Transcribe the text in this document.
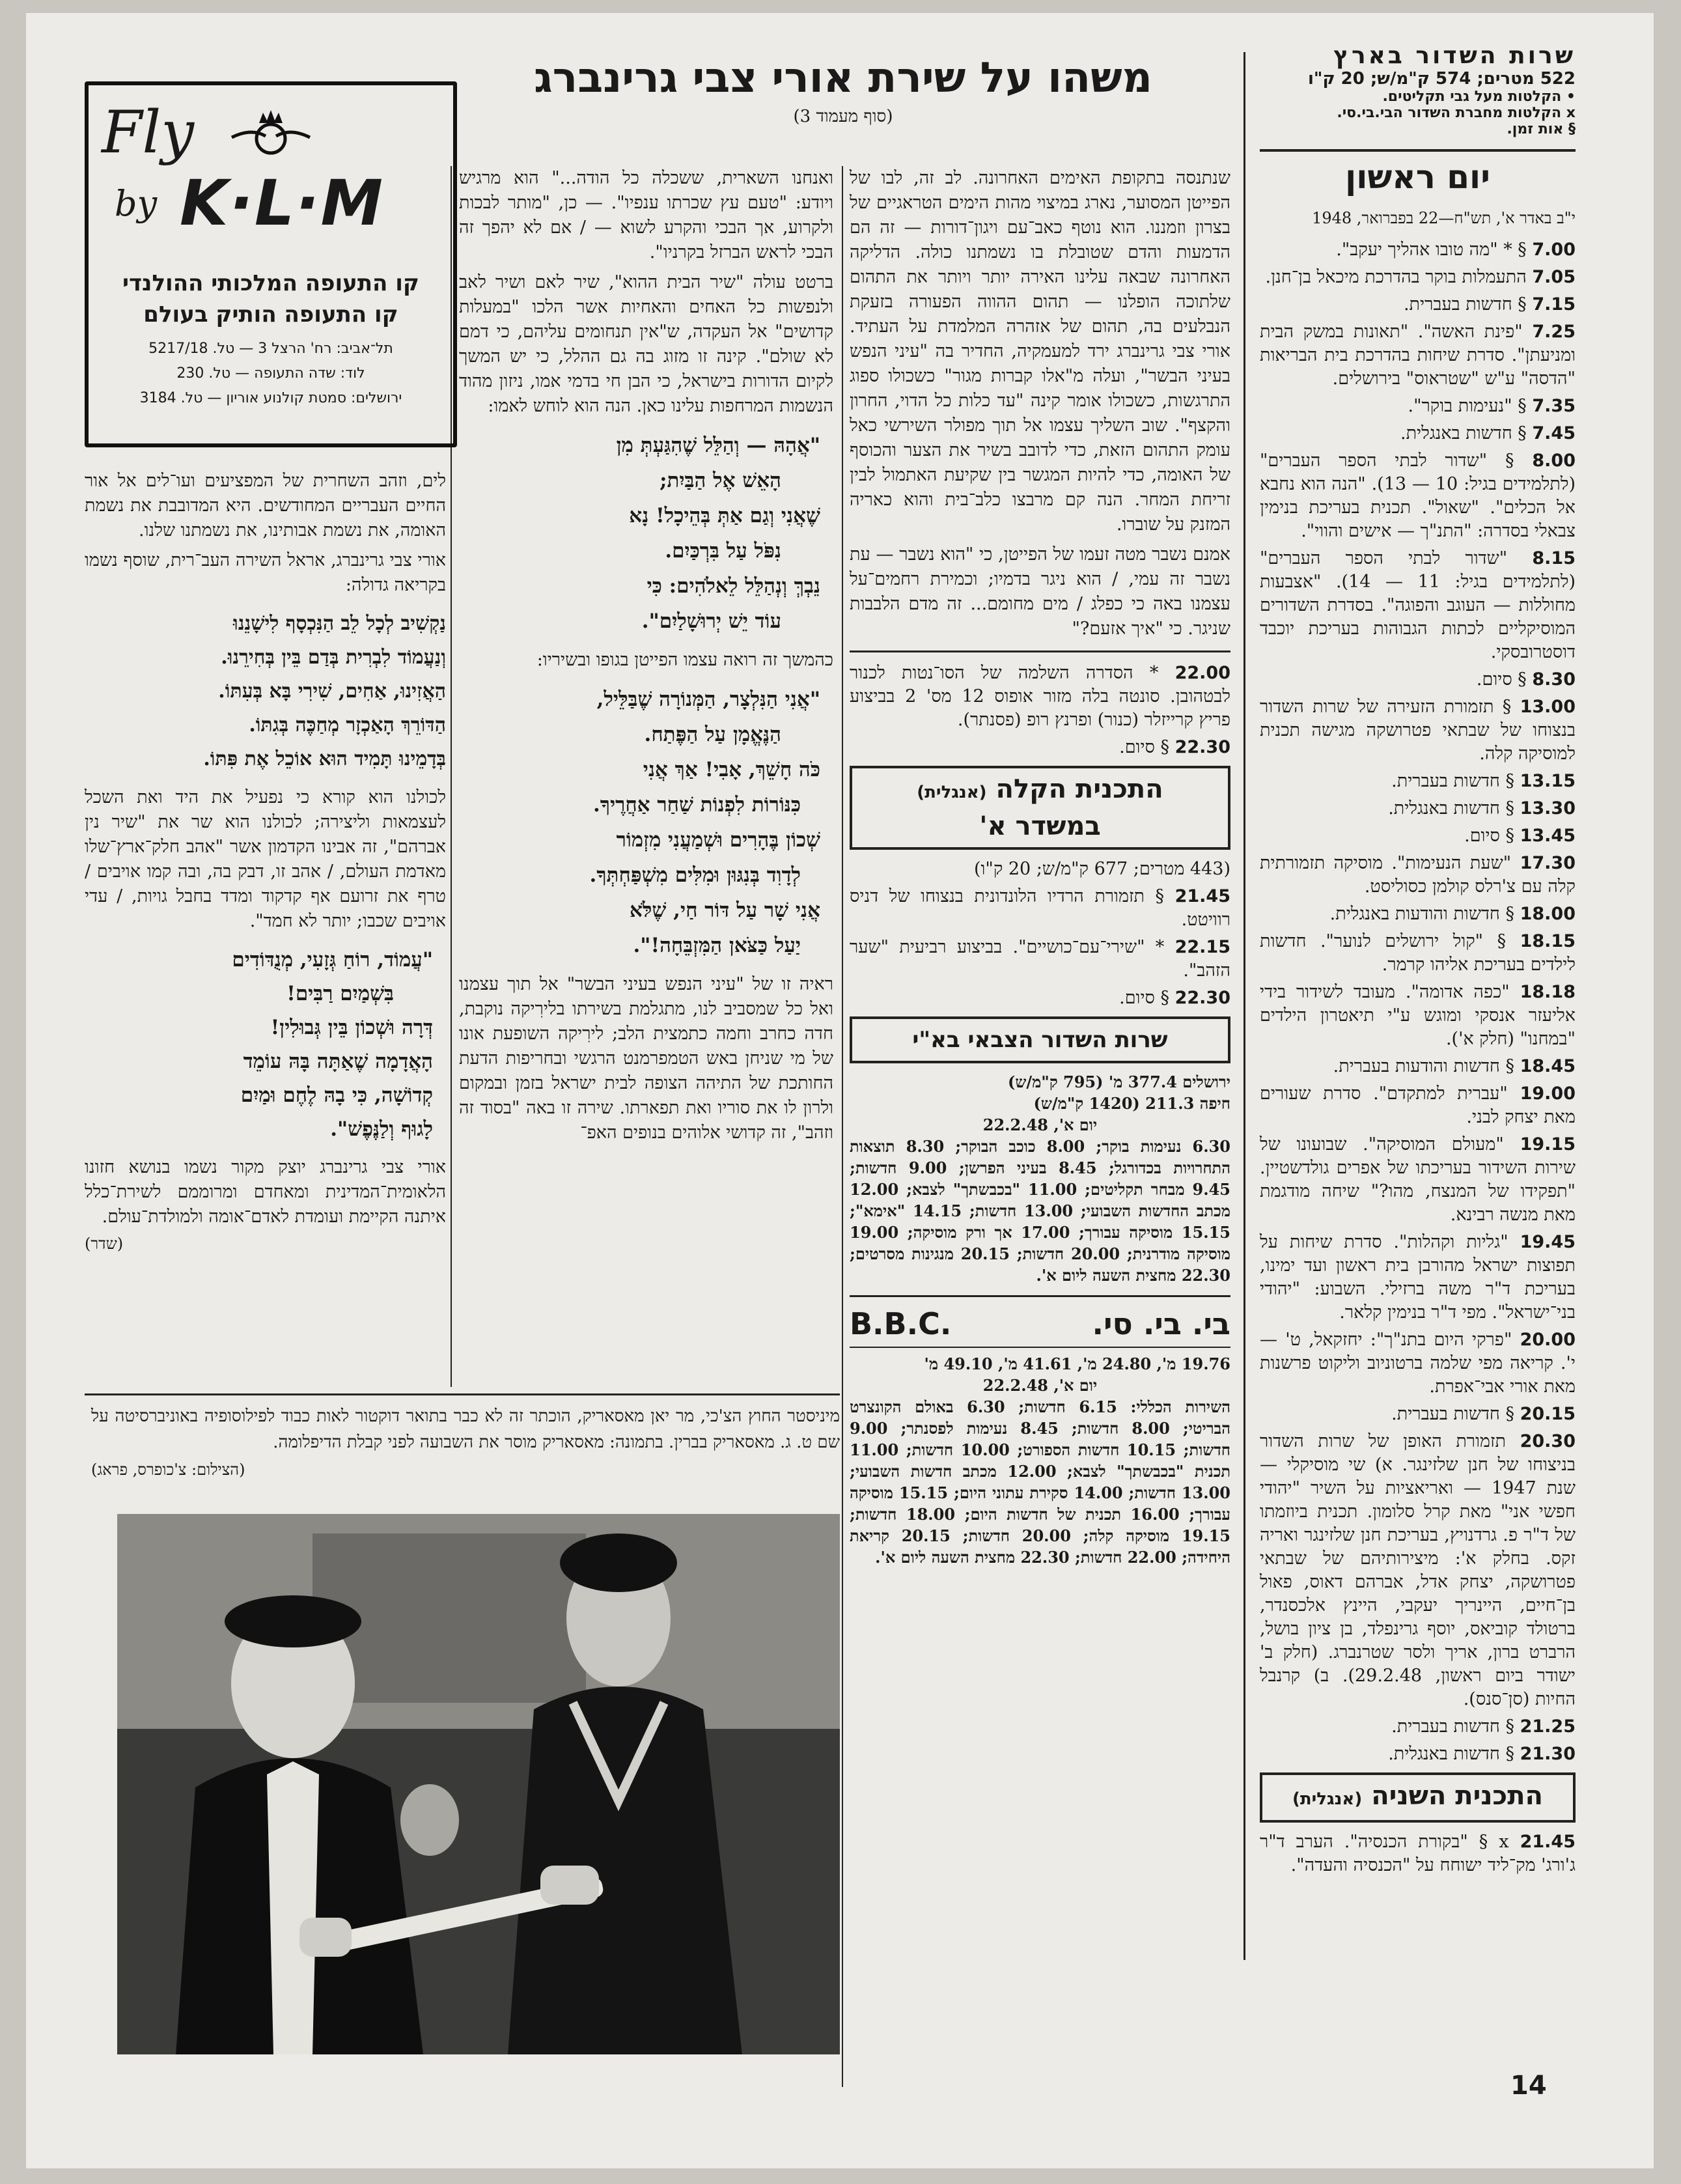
שרות השדור בארץ
522 מטרים; 574 ק"מ/ש; 20 ק"ו
• הקלטות מעל גבי תקליטים.
x הקלטות מחברת השדור הבי.בי.סי.
§ אות זמן.
יום ראשון
י"ב באדר א', תש"ח—22 בפברואר, 1948
7.00 § * "מה טובו אהליך יעקב".
7.05 התעמלות בוקר בהדרכת מיכאל בן־חנן.
7.15 § חדשות בעברית.
7.25 "פינת האשה". "תאונות במשק הבית ומניעתן". סדרת שיחות בהדרכת בית הבריאות "הדסה" ע"ש "שטראוס" בירושלים.
7.35 § "נעימות בוקר".
7.45 § חדשות באנגלית.
8.00 § "שדור לבתי הספר העברים" (לתלמידים בגיל: 10 — 13). "הנה הוא נחבא אל הכלים". "שאול". תכנית בעריכת בנימין צבאלי בסדרה: "התנ"ך — אישים והווי".
8.15 "שדור לבתי הספר העברים" (לתלמידים בגיל: 11 — 14). "אצבעות מחוללות — העוגב והפוגה". בסדרת השדורים המוסיקליים לכתות הגבוהות בעריכת יוכבד דוסטרובסקי.
8.30 § סיום.
13.00 § תזמורת הזעירה של שרות השדור בנצוחו של שבתאי פטרושקה מגישה תכנית למוסיקה קלה.
13.15 § חדשות בעברית.
13.30 § חדשות באנגלית.
13.45 § סיום.
17.30 "שעת הנעימות". מוסיקה תזמורתית קלה עם צ'רלס קולמן כסוליסט.
18.00 § חדשות והודעות באנגלית.
18.15 § "קול ירושלים לנוער". חדשות לילדים בעריכת אליהו קרמר.
18.18 "כפה אדומה". מעובד לשידור בידי אליעזר אנסקי ומוגש ע"י תיאטרון הילדים "במחנו" (חלק א').
18.45 § חדשות והודעות בעברית.
19.00 "עברית למתקדם". סדרת שעורים מאת יצחק לבני.
19.15 "מעולם המוסיקה". שבועונו של שירות השידור בעריכתו של אפרים גולדשטיין. "תפקידו של המנצח, מהו?" שיחה מודגמת מאת מנשה רבינא.
19.45 "גליות וקהלות". סדרת שיחות על תפוצות ישראל מהורבן בית ראשון ועד ימינו, בעריכת ד"ר משה ברזילי. השבוע: "יהודי בני־ישראל". מפי ד"ר בנימין קלאר.
20.00 "פרקי היום בתנ"ך": יחזקאל, ט' — י'. קריאה מפי שלמה ברטוניוב וליקוט פרשנות מאת אורי אבי־אפרת.
20.15 § חדשות בעברית.
20.30 תזמורת האופן של שרות השדור בניצוחו של חנן שלזינגר. א) שי מוסיקלי — שנת 1947 — ואריאציות על השיר "יהודי חפשי אני" מאת קרל סלומון. תכנית ביוזמתו של ד"ר פ. גרדנויץ, בעריכת חנן שלזינגר ואריה זקס. בחלק א': מיצירותיהם של שבתאי פטרושקה, יצחק אדל, אברהם דאוס, פאול בן־חיים, היינריך יעקבי, היינץ אלכסנדר, ברטולד קוביאס, יוסף גרינפלד, בן ציון בושל, הרברט ברון, אריך ולסר שטרנברג. (חלק ב' ישודר ביום ראשון, 29.2.48). ב) קרנבל החיות (סן־סנס).
21.25 § חדשות בעברית.
21.30 § חדשות באנגלית.
התכנית השניה (אנגלית)
21.45 x § "בקורת הכנסיה". הערב ד"ר ג'ורג' מק־ליד ישוחח על "הכנסיה והעדה".
משהו על שירת אורי צבי גרינברג
(סוף מעמוד 3)

שנתנסה בתקופת האימים האחרונה. לב זה, לבו של הפייטן המסוער, נארג במיצוי מהות הימים הטראגיים של בצרון וזמננו. הוא נוטף כאב־עם ויגון־דורות — זה הם הדמעות והדם שטובלת בו נשמתנו כולה. הדליקה האחרונה שבאה עלינו האירה יותר ויותר את התהום שלתוכה הופלנו — תהום ההווה הפעורה בזעקת הנבלעים בה, תהום של אזהרה המלמדת על העתיד. אורי צבי גרינברג ירד למעמקיה, החדיר בה "עיני הנפש בעיני הבשר", ועלה מ"אלו קברות מגור" כשכולו ספוג התרגשות, כשכולו אומר קינה "עד כלות כל הדוי, החרון והקצף". שוב השליך עצמו אל תוך מפולר השירשי כאל עומק התהום הזאת, כדי לדובב בשיר את הצער והכוסף של האומה, כדי להיות המגשר בין שקיעת האתמול לבין זריחת המחר. הנה קם מרבצו כלב־בית והוא כאריה המזנק על שוברו.

אמנם נשבר מטה זעמו של הפייטן, כי "הוא נשבר — עת נשבר זה עמי, / הוא ניגר בדמיו; וכמירת רחמים־על עצמנו באה כי כפלג / מים מחומם... זה מדם הלבבות שניגר. כי "איך אזעם?"

22.00 * הסדרה השלמה של הסו־נטות לכנור לבטהובן. סונטה בלה מזור אופוס 12 מס' 2 בביצוע פריץ קרייזלר (כנור) ופרנץ רופ (פסנתר).
22.30 § סיום.
התכנית הקלה (אנגלית)
במשדר א'
(443 מטרים; 677 ק"מ/ש; 20 ק"ו)
21.45 § תזמורת הרדיו הלונדונית בנצוחו של דניס רוויטט.
22.15 * "שירי־עם־כושיים". בביצוע רביעית "שער הזהב".
22.30 § סיום.
שרות השדור הצבאי בא"י
ירושלים 377.4 מ' (795 ק"מ/ש)
חיפה 211.3 (1420 ק"מ/ש)
יום א', 22.2.48

6.30 נעימות בוקר; 8.00 כוכב הבוקר; 8.30 תוצאות התחרויות בכדורגל; 8.45 בעיני הפרשן; 9.00 חדשות; 9.45 מבחר תקליטים; 11.00 "בכבשתך" לצבא; 12.00 מכתב החדשות השבועי; 13.00 חדשות; 14.15 "אימא"; 15.15 מוסיקה עבורך; 17.00 אך ורק מוסיקה; 19.00 מוסיקה מודרנית; 20.00 חדשות; 20.15 מנגינות מסרטים; 22.30 מחצית השעה ליום א'.

בי. בי. סי.
B.B.C.
19.76 מ', 24.80 מ', 41.61 מ', 49.10 מ'
יום א', 22.2.48

השירות הכללי: 6.15 חדשות; 6.30 באולם הקונצרט הבריטי; 8.00 חדשות; 8.45 נעימות לפסנתר; 9.00 חדשות; 10.15 חדשות הספורט; 10.00 חדשות; 11.00 תכנית "בכבשתך" לצבא; 12.00 מכתב חדשות השבועי; 13.00 חדשות; 14.00 סקירת עתוני היום; 15.15 מוסיקה עבורך; 16.00 תכנית של חדשות היום; 18.00 חדשות; 19.15 מוסיקה קלה; 20.00 חדשות; 20.15 קריאת היחידה; 22.00 חדשות; 22.30 מחצית השעה ליום א'.

ואנחנו השארית, ששכלה כל הודה..." הוא מרגיש ויודע: "טעם עץ שכרתו ענפיו". — כן, "מותר לבכות ולקרוע, אך הבכי והקרע לשוא — / אם לא יהפך זה הבכי לראש הברזל בקרניו".

ברטט עולה "שיר הבית ההוא", שיר לאם ושיר לאב ולנפשות כל האחים והאחיות אשר הלכו "במעלות קדושים" אל העקדה, ש"אין תנחומים עליהם, כי דמם לא שולם". קינה זו מזוג בה גם ההלל, כי יש המשך לקיום הדורות בישראל, כי הבן חי בדמי אמו, ניזון מהוד הנשמות המרחפות עלינו כאן. הנה הוא לוחש לאמו:

"אֲהָהּ — וְהַלֵּל שֶׁהִגַּעְתְּ מִן
הָאֵשׁ אֶל הַבַּיִת;
שֶׁאֲנִי וְגַם אַתְּ בְּהֵיכָל! נָא
נִפֹּל עַל בִּרְכַּיִם.
נֵבְךְּ וְנְהַלֵּל לֵאלֹהִים: כִּי
עוֹד יֵשׁ יְרוּשָׁלַיִם".

כהמשך זה רואה עצמו הפייטן בגופו ובשיריו:

"אֲנִי הַנִּלְצָר, הַמְּנוֹרָה שֶׁבַּלֵּיל,
הַנֶּאֱמָן עַל הַפֶּתַח.
כֹּה חָשֵׁךְ, אָבִי! אַךְ אֲנִי
כִּנּוֹרוֹת לִפְנוֹת שַׁחַר אַחֲרֶיךָ.
שְׁכוֹן בֶּהָרִים וּשְׁמַעֲנִי מִזְמוֹר
לְדָוִד בְּנִגּוּן וּמִלִּים מִשְׁפַּחְתְּךָ.
אֲנִי שָׁר עַל דּוֹר חַי, שֶׁלֹּא
יַעַל כַּצֹּאן הַמִּזְבֵּחָה!".

ראיה זו של "עיני הנפש בעיני הבשר" אל תוך עצמנו ואל כל שמסביב לנו, מתגלמת בשירתו בלירִיקה נוקבת, חדה כחרב וחמה כתמצית הלב; לירִיקה השופעת אונו של מי שניחן באש הטמפרמנט הרגשי ובחריפות הדעת החותכת של התיהה הצופה לבית ישראל בזמן ובמקום ולרון לו את סוריו ואת תפארתו. שירה זו באה "בסוד זה וזהב", זה קדושי אלוהים בנופים האפ־

Fly
by K·L·M
קו התעופה המלכותי ההולנדי
קו התעופה הותיק בעולם
תל־אביב: רח' הרצל 3 — טל. 5217/18
לוד: שדה התעופה — טל. 230
ירושלים: סמטת קולנוע אוריון — טל. 3184

לים, וזהב השחרית של המפציעים ועו־לים אל אור החיים העבריים המחודשים. היא המדובבת את נשמת האומה, את נשמת אבותינו, את נשמתנו שלנו.

אורי צבי גרינברג, אראל השירה העב־רית, שוסף נשמו בקריאה גדולה:

נַקְשִׁיב לְכָל לֵב הַנִּכְסָף לִישָׁנֵנוּ
וְנַעֲמוֹד לִבְרִית בְּדַם בֵּין בְּחִירֵנוּ.
הַאֲזִינוּ, אַחִים, שִׁירִי בָּא בְּעִתּוֹ.
הַדּוֹרֵךְ הָאַכְזָר מְחַכֶּה בְּגִתּוֹ.
בְּדָמֵינוּ תָּמִיד הוּא אוֹכֵל אֶת פִּתּוֹ.

לכולנו הוא קורא כי נפעיל את היד ואת השכל לעצמאות וליצירה; לכולנו הוא שר את "שיר נין אברהם", זה אבינו הקדמון אשר "אהב חלק־ארץ־שלו מאדמת העולם, / אהב זו, דבק בה, ובה קמו אויבים / טרף את זרועם אף קדקוד ומדד בחבל גויות, / עדי אויבים שכבו; יותר לא חמד".

"עֲמוֹד, רוֹחַ גְּזָעִי, מְנֻדּוֹדִים
בִּשְׁמַיִם רַבִּים!
דְּרָה וּשְׁכוֹן בֵּין גְּבוּלִין!
הָאֲדָמָה שֶׁאַתָּה בָּהּ עוֹמֵד
קְדוֹשָׁה, כִּי בָהּ לֶחֶם וּמַיִם
לָגוּף וְלַנֶּפֶשׁ".

אורי צבי גרינברג יוצק מקור נשמו בנושא חזונו הלאומית־המדינית ומאחדם ומרוממם לשירת־כלל איתנה הקיימת ועומדת לאדם־אומה ולמולדת־עולם.

(שדר)

מיניסטר החוץ הצ'כי, מר יאן מאסאריק, הוכתר זה לא כבר בתואר דוקטור לאות כבוד לפילוסופיה באוניברסיטה על שם ט. ג. מאסאריק בברין. בתמונה: מאסאריק מוסר את השבועה לפני קבלת הדיפלומה.

(הצילום: צ'כופרס, פראג)
14
